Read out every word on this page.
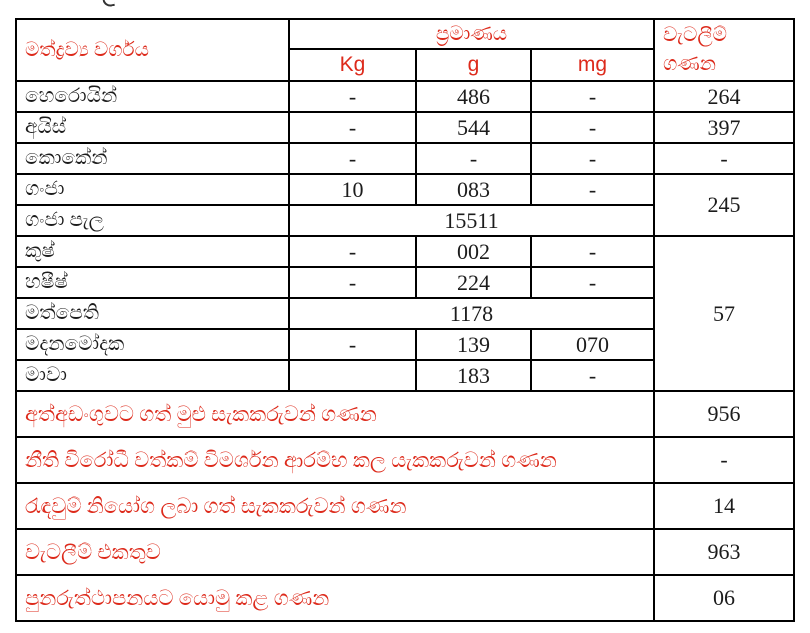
මත්ද්‍රව්‍ය වර්ගය	ප්‍රමාණය			වැටලීම්
ගණන

	Kg	g	mg	
හෙරොයින්	-	486	-	264
අයිස්	-	544	-	397
කොකේන්	-	-	-	-
ගංජා	10	083	-	245
ගංජා පැල	15511			
කුෂ්	-	002	-	57
හෂීෂ්	-	224	-	
මත්පෙති	1178			
මදනමෝදක	-	139	070	
මාවා		183	-	
අත්අඩංගුවට ගත් මුළු සැකකරුවන් ගණන				956
නීති විරෝධී වත්කම් විමර්ශන ආරම්භ කල යැකකරුවන් ගණන				-
රැඳවුම් නියෝග ලබා ගත් සැකකරුවන් ගණන				14
වැටලීම් එකතුව				963
පුනරුත්ථාපනයට යොමු කළ ගණන				06
